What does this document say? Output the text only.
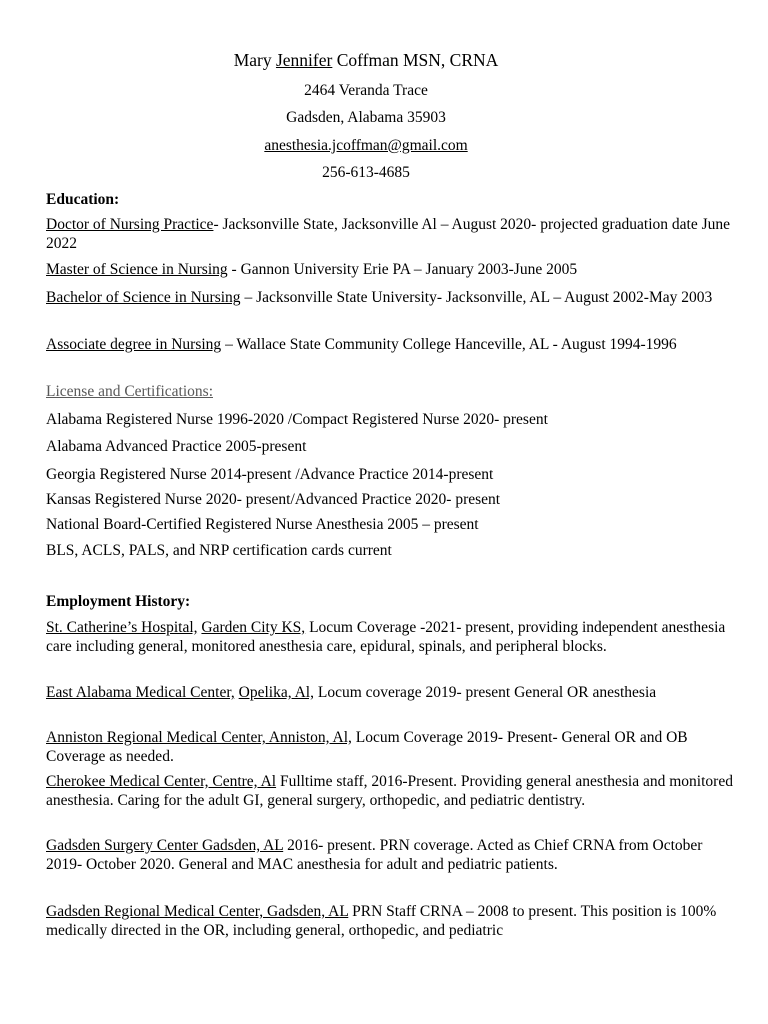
Mary Jennifer Coffman MSN, CRNA
2464 Veranda Trace
Gadsden, Alabama 35903
anesthesia.jcoffman@gmail.com
256-613-4685
Education:
Doctor of Nursing Practice- Jacksonville State, Jacksonville Al – August 2020- projected graduation date June 2022
Master of Science in Nursing - Gannon University Erie PA – January 2003-June 2005
Bachelor of Science in Nursing – Jacksonville State University- Jacksonville, AL – August 2002-May 2003
Associate degree in Nursing – Wallace State Community College Hanceville, AL - August 1994-1996
License and Certifications:
Alabama Registered Nurse 1996-2020 /Compact Registered Nurse 2020- present
Alabama Advanced Practice 2005-present
Georgia Registered Nurse 2014-present /Advance Practice 2014-present
Kansas Registered Nurse 2020- present/Advanced Practice 2020- present
National Board-Certified Registered Nurse Anesthesia 2005 – present
BLS, ACLS, PALS, and NRP certification cards current
Employment History:
St. Catherine’s Hospital, Garden City KS, Locum Coverage -2021- present, providing independent anesthesia care including general, monitored anesthesia care, epidural, spinals, and peripheral blocks.
East Alabama Medical Center, Opelika, Al, Locum coverage 2019- present General OR anesthesia
Anniston Regional Medical Center, Anniston, Al, Locum Coverage 2019- Present- General OR and OB Coverage as needed.
Cherokee Medical Center, Centre, Al Fulltime staff, 2016-Present. Providing general anesthesia and monitored anesthesia. Caring for the adult GI, general surgery, orthopedic, and pediatric dentistry.
Gadsden Surgery Center Gadsden, AL 2016- present. PRN coverage. Acted as Chief CRNA from October 2019- October 2020. General and MAC anesthesia for adult and pediatric patients.
Gadsden Regional Medical Center, Gadsden, AL PRN Staff CRNA – 2008 to present. This position is 100% medically directed in the OR, including general, orthopedic, and pediatric
